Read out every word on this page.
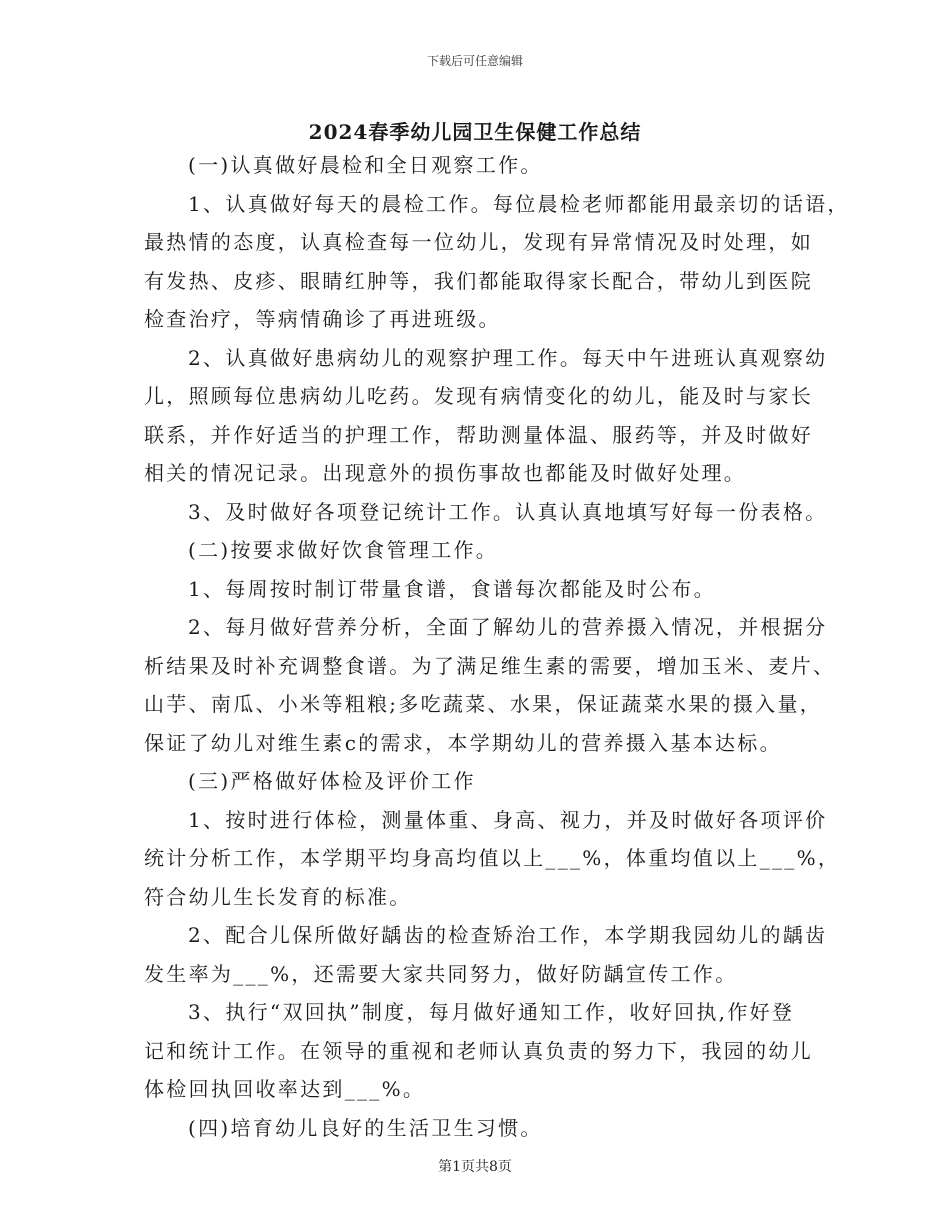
下载后可任意编辑
2024春季幼儿园卫生保健工作总结
(一)认真做好晨检和全日观察工作。
1、认真做好每天的晨检工作。每位晨检老师都能用最亲切的话语，
最热情的态度，认真检查每一位幼儿，发现有异常情况及时处理，如
有发热、皮疹、眼睛红肿等，我们都能取得家长配合，带幼儿到医院
检查治疗，等病情确诊了再进班级。
2、认真做好患病幼儿的观察护理工作。每天中午进班认真观察幼
儿，照顾每位患病幼儿吃药。发现有病情变化的幼儿，能及时与家长
联系，并作好适当的护理工作，帮助测量体温、服药等，并及时做好
相关的情况记录。出现意外的损伤事故也都能及时做好处理。
3、及时做好各项登记统计工作。认真认真地填写好每一份表格。
(二)按要求做好饮食管理工作。
1、每周按时制订带量食谱，食谱每次都能及时公布。
2、每月做好营养分析，全面了解幼儿的营养摄入情况，并根据分
析结果及时补充调整食谱。为了满足维生素的需要，增加玉米、麦片、
山芋、南瓜、小米等粗粮;多吃蔬菜、水果，保证蔬菜水果的摄入量，
保证了幼儿对维生素c的需求，本学期幼儿的营养摄入基本达标。
(三)严格做好体检及评价工作
1、按时进行体检，测量体重、身高、视力，并及时做好各项评价
统计分析工作，本学期平均身高均值以上___%，体重均值以上___%，
符合幼儿生长发育的标准。
2、配合儿保所做好龋齿的检查矫治工作，本学期我园幼儿的龋齿
发生率为___%，还需要大家共同努力，做好防龋宣传工作。
3、执行“双回执”制度，每月做好通知工作，收好回执,作好登
记和统计工作。在领导的重视和老师认真负责的努力下，我园的幼儿
体检回执回收率达到___%。
(四)培育幼儿良好的生活卫生习惯。
第1页共8页
